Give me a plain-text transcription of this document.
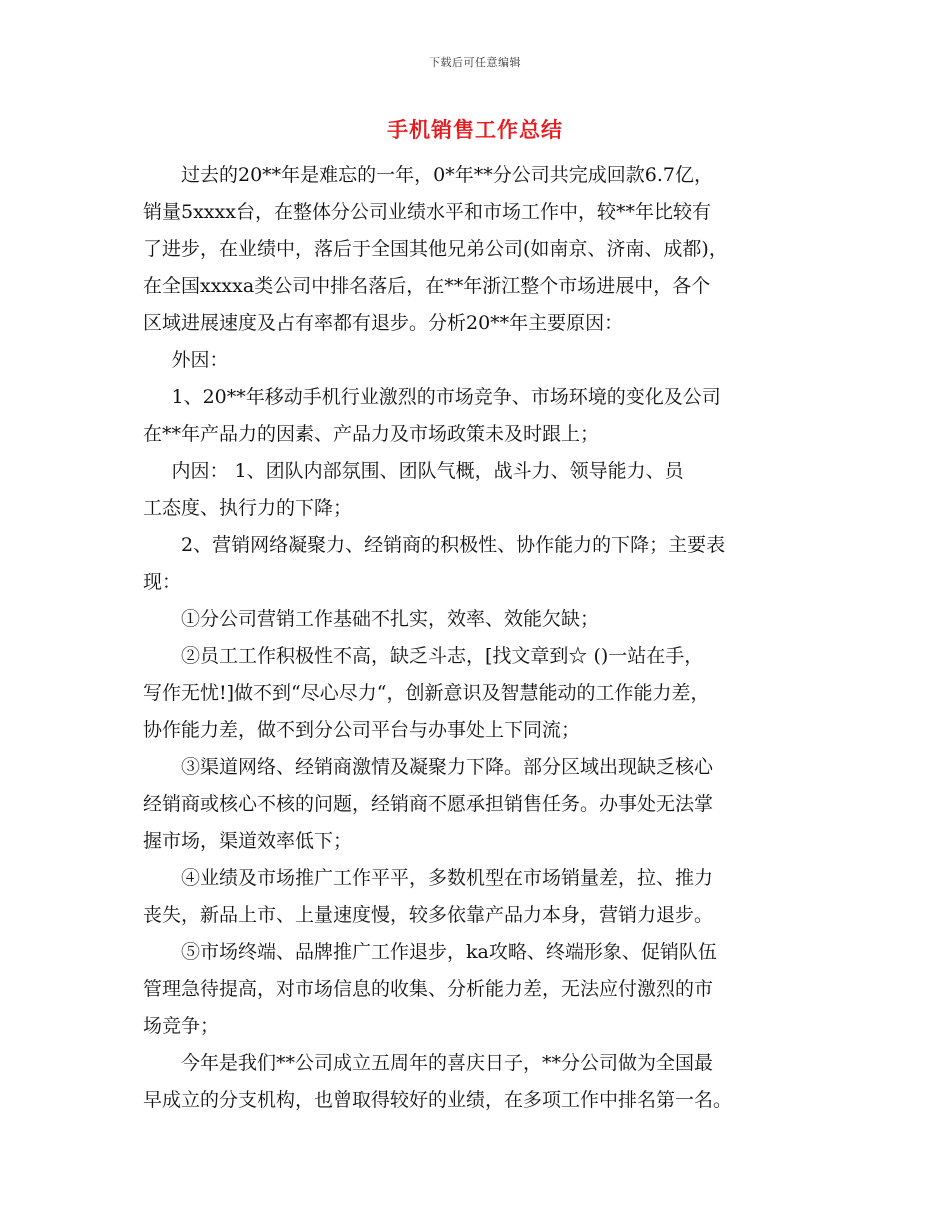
下载后可任意编辑
手机销售工作总结
过去的20**年是难忘的一年，0*年**分公司共完成回款6.7亿，
销量5xxxx台，在整体分公司业绩水平和市场工作中，较**年比较有
了进步，在业绩中，落后于全国其他兄弟公司(如南京、济南、成都)，
在全国xxxxa类公司中排名落后，在**年浙江整个市场进展中，各个
区域进展速度及占有率都有退步。分析20**年主要原因：
外因：
1、20**年移动手机行业激烈的市场竞争、市场环境的变化及公司
在**年产品力的因素、产品力及市场政策未及时跟上；
内因： 1、团队内部氛围、团队气概，战斗力、领导能力、员
工态度、执行力的下降；
2、营销网络凝聚力、经销商的积极性、协作能力的下降；主要表
现：
①分公司营销工作基础不扎实，效率、效能欠缺；
②员工工作积极性不高，缺乏斗志，[找文章到☆ ()一站在手，
写作无忧!]做不到“尽心尽力“，创新意识及智慧能动的工作能力差，
协作能力差，做不到分公司平台与办事处上下同流；
③渠道网络、经销商激情及凝聚力下降。部分区域出现缺乏核心
经销商或核心不核的问题，经销商不愿承担销售任务。办事处无法掌
握市场，渠道效率低下；
④业绩及市场推广工作平平，多数机型在市场销量差，拉、推力
丧失，新品上市、上量速度慢，较多依靠产品力本身，营销力退步。
⑤市场终端、品牌推广工作退步，ka攻略、终端形象、促销队伍
管理急待提高，对市场信息的收集、分析能力差，无法应付激烈的市
场竞争；
今年是我们**公司成立五周年的喜庆日子，**分公司做为全国最
早成立的分支机构，也曾取得较好的业绩，在多项工作中排名第一名。
